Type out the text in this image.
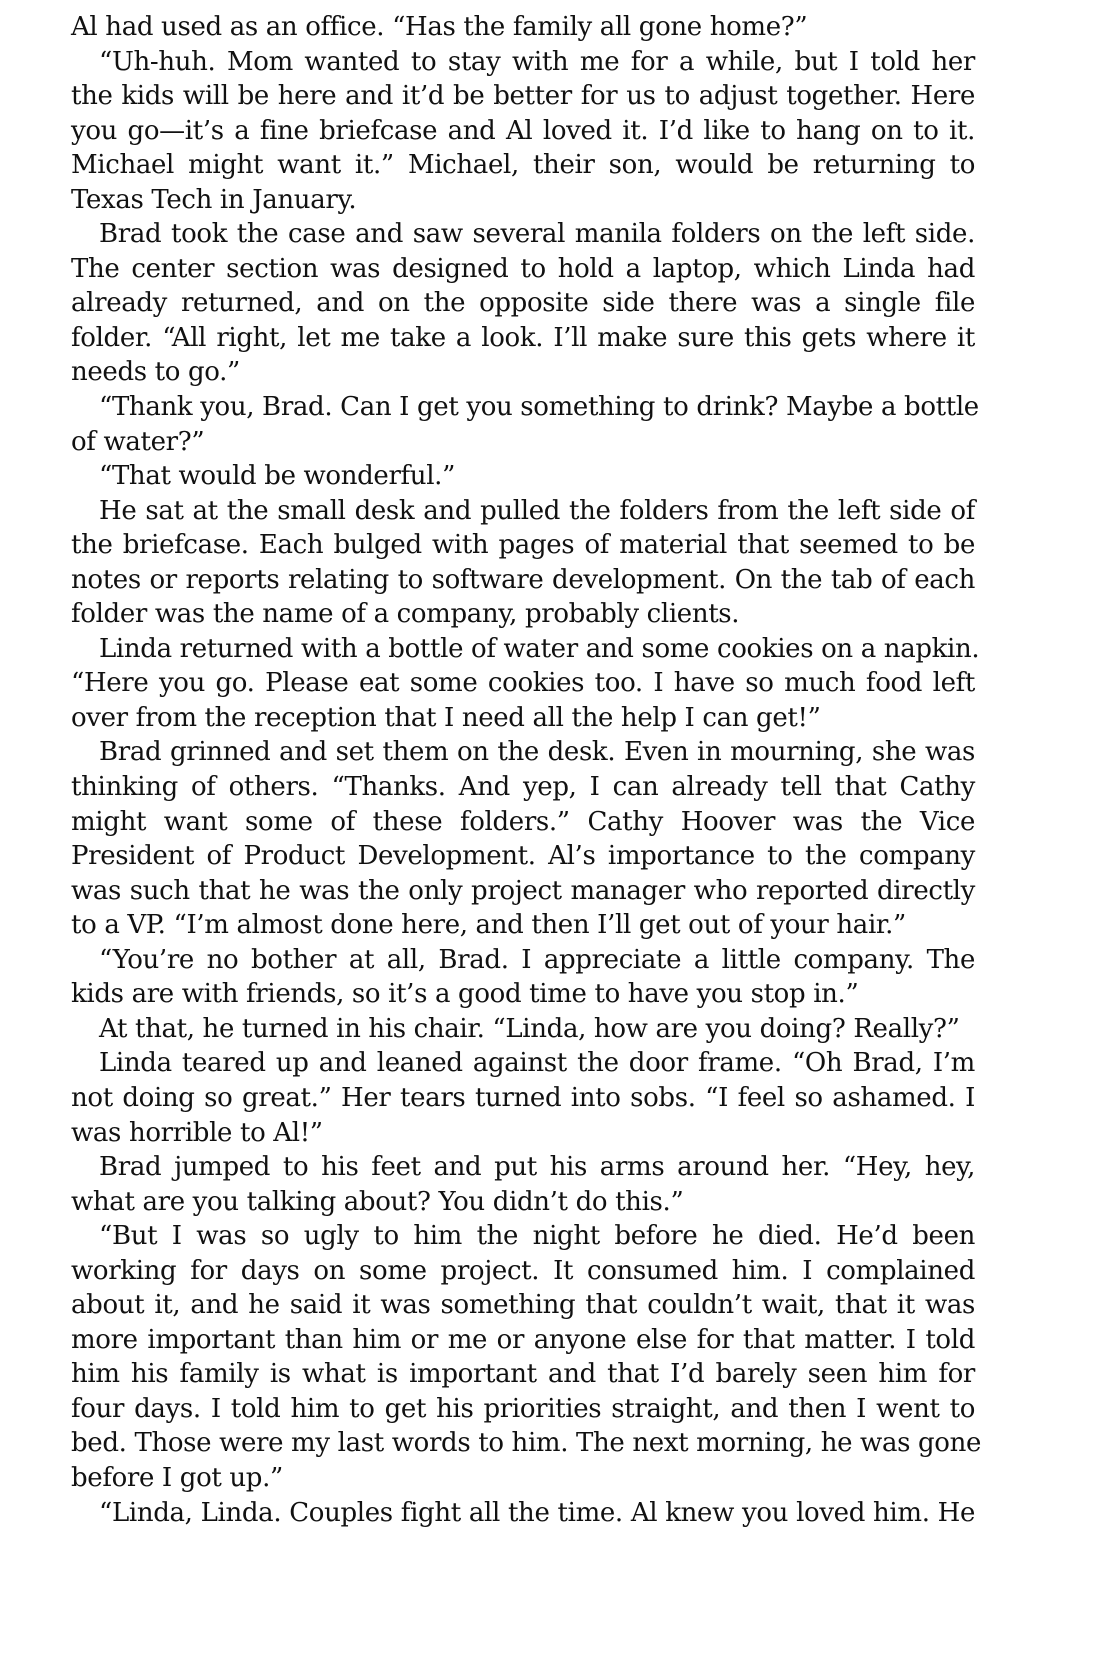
Al had used as an office. “Has the family all gone home?”
“Uh-huh. Mom wanted to stay with me for a while, but I told her
the kids will be here and it’d be better for us to adjust together. Here
you go—it’s a fine briefcase and Al loved it. I’d like to hang on to it.
Michael might want it.” Michael, their son, would be returning to
Texas Tech in January.
Brad took the case and saw several manila folders on the left side.
The center section was designed to hold a laptop, which Linda had
already returned, and on the opposite side there was a single file
folder. “All right, let me take a look. I’ll make sure this gets where it
needs to go.”
“Thank you, Brad. Can I get you something to drink? Maybe a bottle
of water?”
“That would be wonderful.”
He sat at the small desk and pulled the folders from the left side of
the briefcase. Each bulged with pages of material that seemed to be
notes or reports relating to software development. On the tab of each
folder was the name of a company, probably clients.
Linda returned with a bottle of water and some cookies on a napkin.
“Here you go. Please eat some cookies too. I have so much food left
over from the reception that I need all the help I can get!”
Brad grinned and set them on the desk. Even in mourning, she was
thinking of others. “Thanks. And yep, I can already tell that Cathy
might want some of these folders.” Cathy Hoover was the Vice
President of Product Development. Al’s importance to the company
was such that he was the only project manager who reported directly
to a VP. “I’m almost done here, and then I’ll get out of your hair.”
“You’re no bother at all, Brad. I appreciate a little company. The
kids are with friends, so it’s a good time to have you stop in.”
At that, he turned in his chair. “Linda, how are you doing? Really?”
Linda teared up and leaned against the door frame. “Oh Brad, I’m
not doing so great.” Her tears turned into sobs. “I feel so ashamed. I
was horrible to Al!”
Brad jumped to his feet and put his arms around her. “Hey, hey,
what are you talking about? You didn’t do this.”
“But I was so ugly to him the night before he died. He’d been
working for days on some project. It consumed him. I complained
about it, and he said it was something that couldn’t wait, that it was
more important than him or me or anyone else for that matter. I told
him his family is what is important and that I’d barely seen him for
four days. I told him to get his priorities straight, and then I went to
bed. Those were my last words to him. The next morning, he was gone
before I got up.”
“Linda, Linda. Couples fight all the time. Al knew you loved him. He
